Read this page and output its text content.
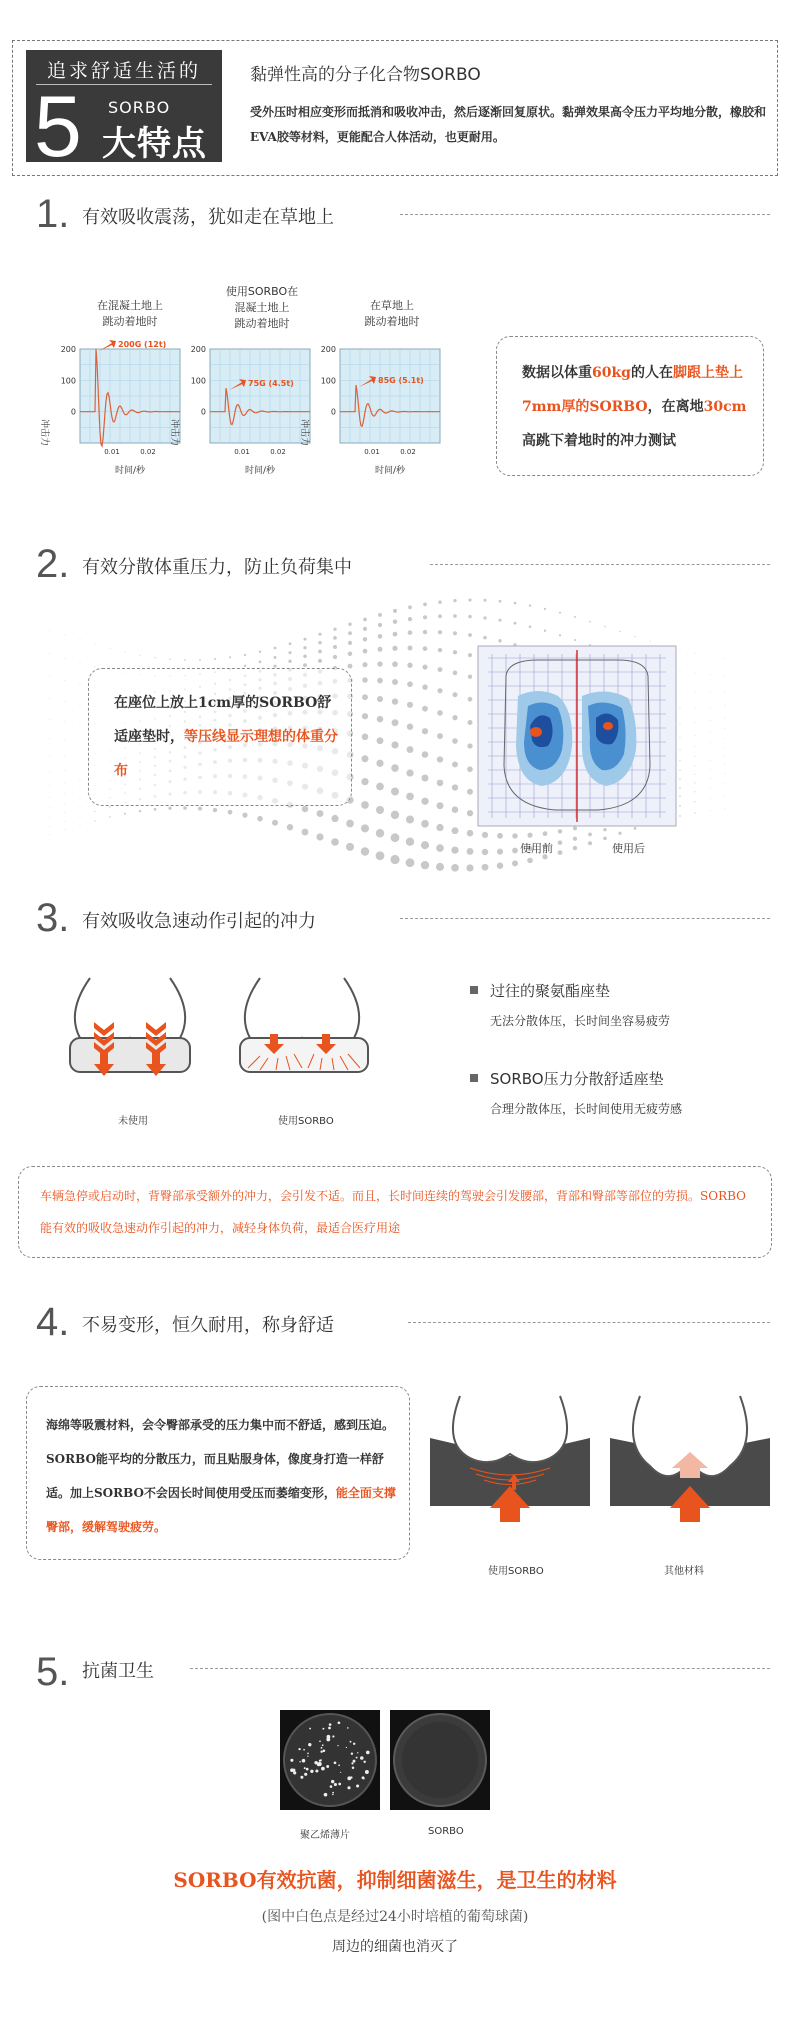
追求舒适生活的
5 SORBO
大特点
黏弹性高的分子化合物SORBO
受外压时相应变形而抵消和吸收冲击，然后逐渐回复原状。黏弹效果高令压力平均地分散，橡胶和EVA胶等材料，更能配合人体活动，也更耐用。
1. 有效吸收震荡，犹如走在草地上
在混凝土地上
跳动着地时
使用SORBO在
混凝土地上
跳动着地时
在草地上
跳动着地时
200
100
0
0.01	0.02
时间/秒
冲击力
200G (12t)
200
100
0
0.01	0.02
时间/秒
冲击力
75G (4.5t)
200
100
0
0.01	0.02
时间/秒
冲击力
85G (5.1t)	数据以体重60kg的人在脚跟上垫上7mm厚的SORBO，在离地30cm高跳下着地时的冲力测试
2. 有效分散体重压力，防止负荷集中
在座位上放上1cm厚的SORBO舒适座垫时，等压线显示理想的体重分布
使用前	使用后
3. 有效吸收急速动作引起的冲力
未使用	使用SORBO
过往的聚氨酯座垫
无法分散体压，长时间坐容易疲劳
SORBO压力分散舒适座垫
合理分散体压，长时间使用无疲劳感
车辆急停或启动时，背臀部承受额外的冲力，会引发不适。而且，长时间连续的驾驶会引发腰部，背部和臀部等部位的劳损。SORBO能有效的吸收急速动作引起的冲力，减轻身体负荷，最适合医疗用途
4. 不易变形，恒久耐用，称身舒适
海绵等吸震材料，会令臀部承受的压力集中而不舒适，感到压迫。SORBO能平均的分散压力，而且贴服身体，像度身打造一样舒适。加上SORBO不会因长时间使用受压而萎缩变形，能全面支撑臀部，缓解驾驶疲劳。
使用SORBO	其他材料
5. 抗菌卫生
聚乙烯薄片	SORBO
SORBO有效抗菌，抑制细菌滋生，是卫生的材料
(图中白色点是经过24小时培植的葡萄球菌)
周边的细菌也消灭了
